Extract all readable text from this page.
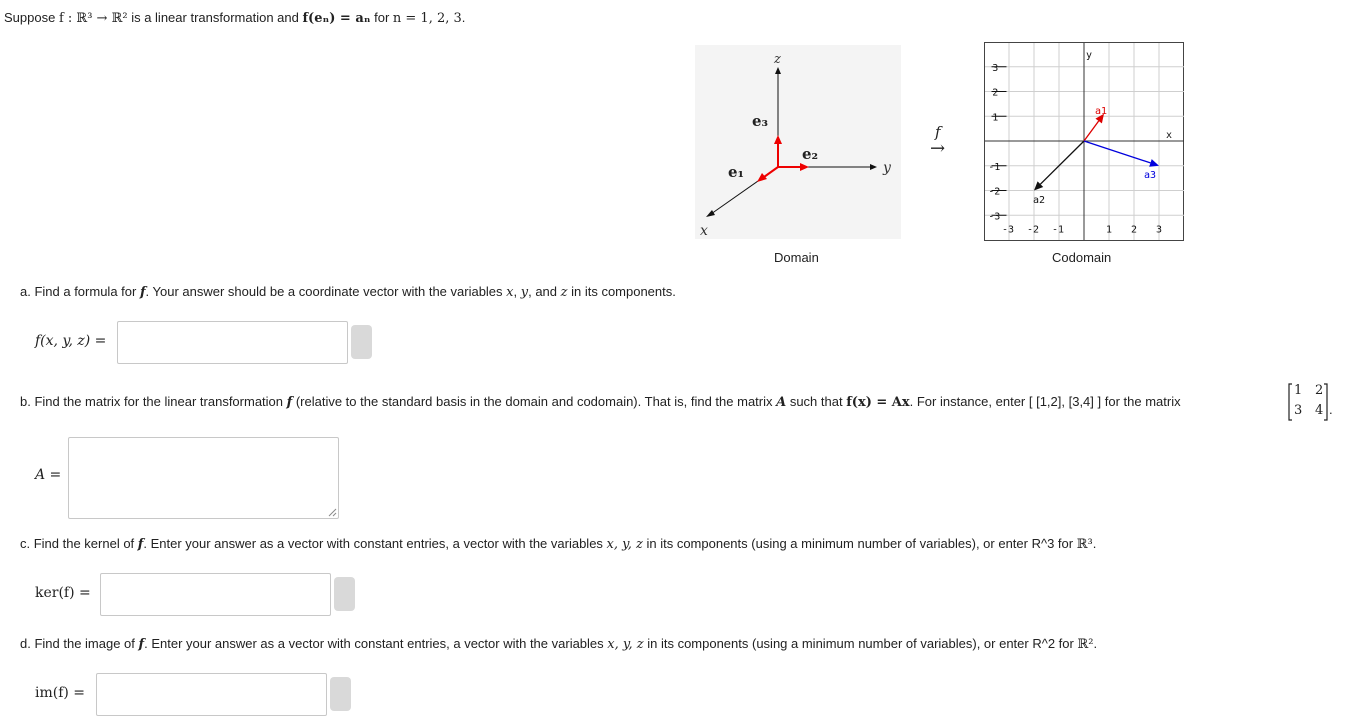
Suppose f : ℝ³ → ℝ² is a linear transformation and f(eₙ) = aₙ for n = 1, 2, 3.
z
y
x
e₃
e₂
e₁
Domain
f
→
-3 -2 -1	1 2 3
3
2
1
-1
-2
-3
x
y
a1
a2
a3
Codomain
a. Find a formula for f. Your answer should be a coordinate vector with the variables x, y, and z in its components.
f(x, y, z) =
b. Find the matrix for the linear transformation f (relative to the standard basis in the domain and codomain). That is, find the matrix A such that f(x) = Ax. For instance, enter [ [1,2], [3,4] ] for the matrix
1 2
3 4 .
A =
c. Find the kernel of f. Enter your answer as a vector with constant entries, a vector with the variables x, y, z in its components (using a minimum number of variables), or enter R^3 for ℝ³.
ker(f) =
d. Find the image of f. Enter your answer as a vector with constant entries, a vector with the variables x, y, z in its components (using a minimum number of variables), or enter R^2 for ℝ².
im(f) =
